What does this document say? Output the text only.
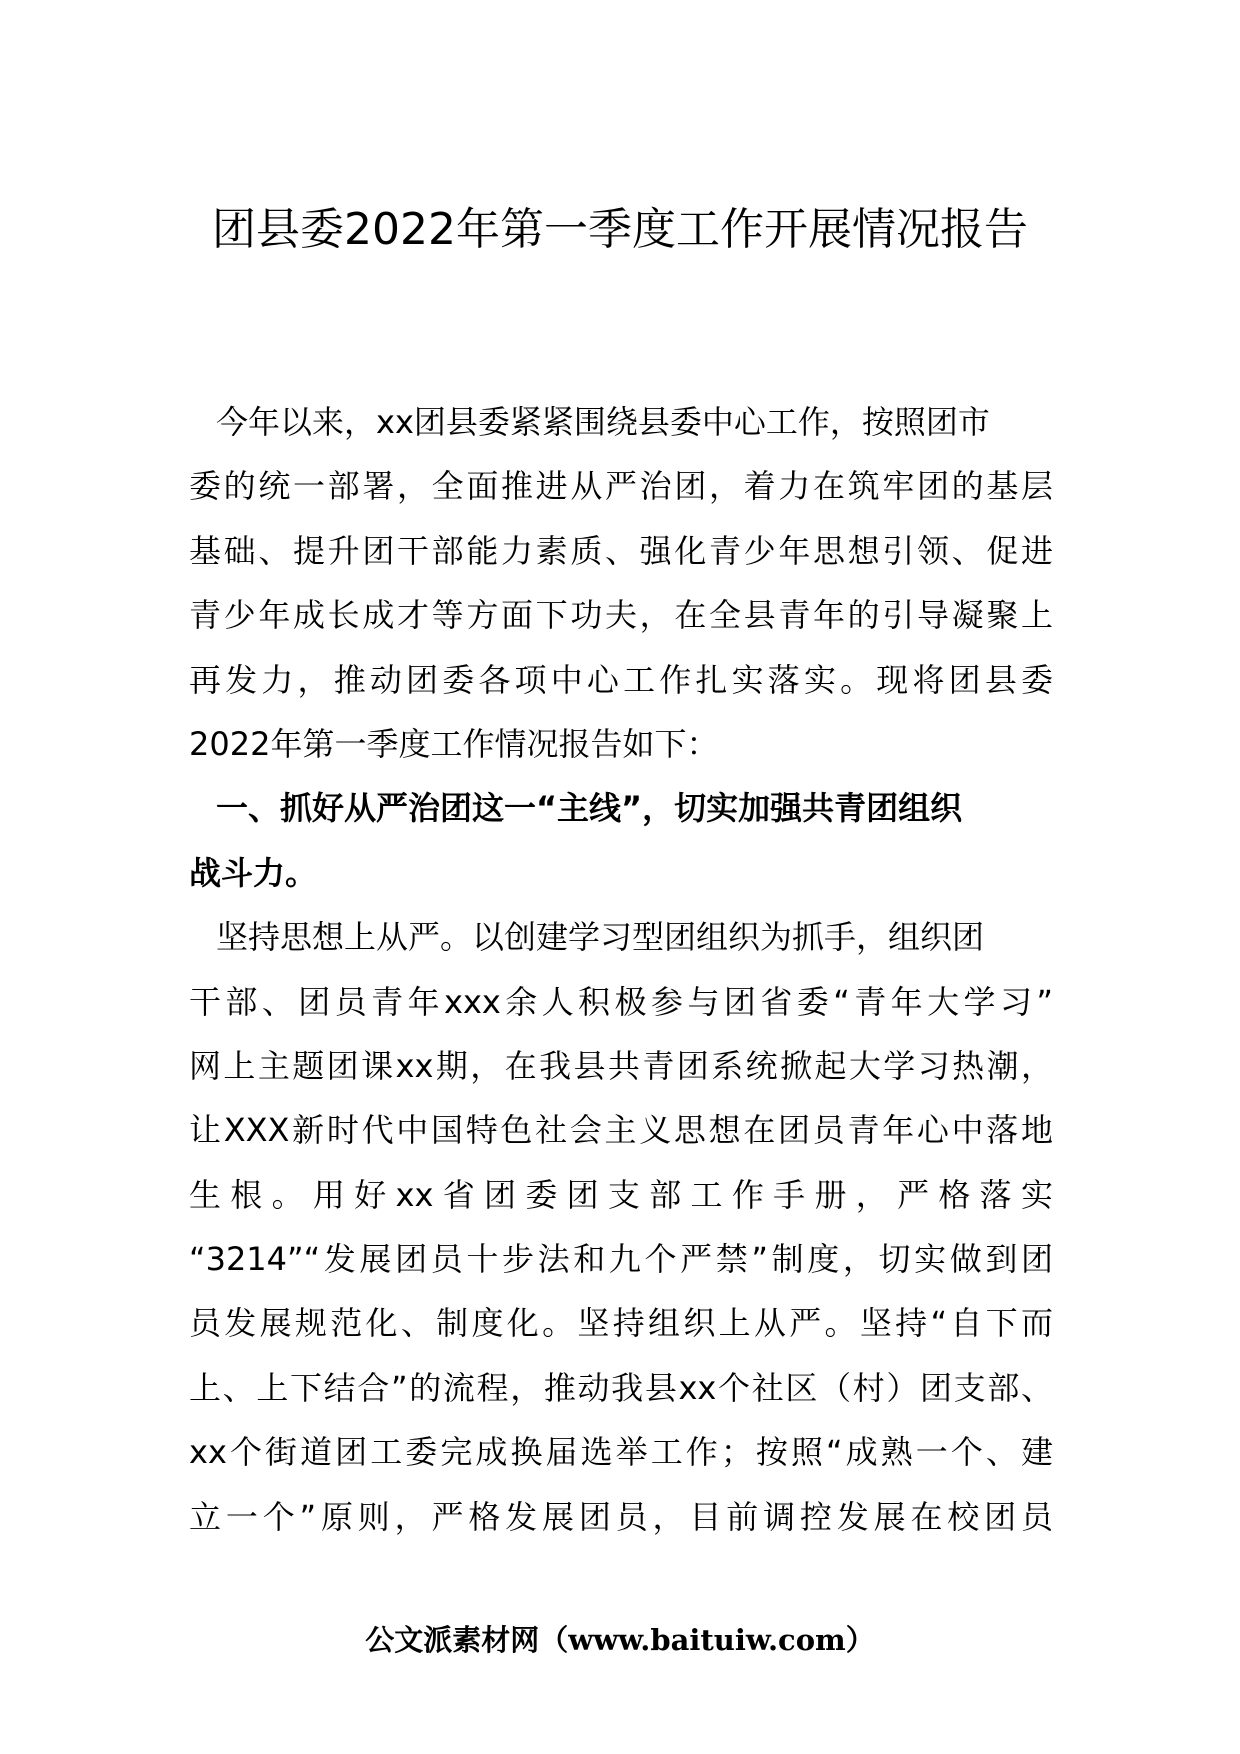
团县委2022年第一季度工作开展情况报告
今年以来，xx团县委紧紧围绕县委中心工作，按照团市
委的统一部署，全面推进从严治团，着力在筑牢团的基层
基础、提升团干部能力素质、强化青少年思想引领、促进
青少年成长成才等方面下功夫，在全县青年的引导凝聚上
再发力，推动团委各项中心工作扎实落实。现将团县委
2022年第一季度工作情况报告如下：
一、抓好从严治团这一“主线”，切实加强共青团组织
战斗力。
坚持思想上从严。以创建学习型团组织为抓手，组织团
干部、团员青年xxx余人积极参与团省委“青年大学习”
网上主题团课xx期，在我县共青团系统掀起大学习热潮，
让XXX新时代中国特色社会主义思想在团员青年心中落地
生根。用好xx省团委团支部工作手册，严格落实
“3214”“发展团员十步法和九个严禁”制度，切实做到团
员发展规范化、制度化。坚持组织上从严。坚持“自下而
上、上下结合”的流程，推动我县xx个社区（村）团支部、
xx个街道团工委完成换届选举工作；按照“成熟一个、建
立一个”原则，严格发展团员，目前调控发展在校团员
公文派素材网（www.baituiw.com）
